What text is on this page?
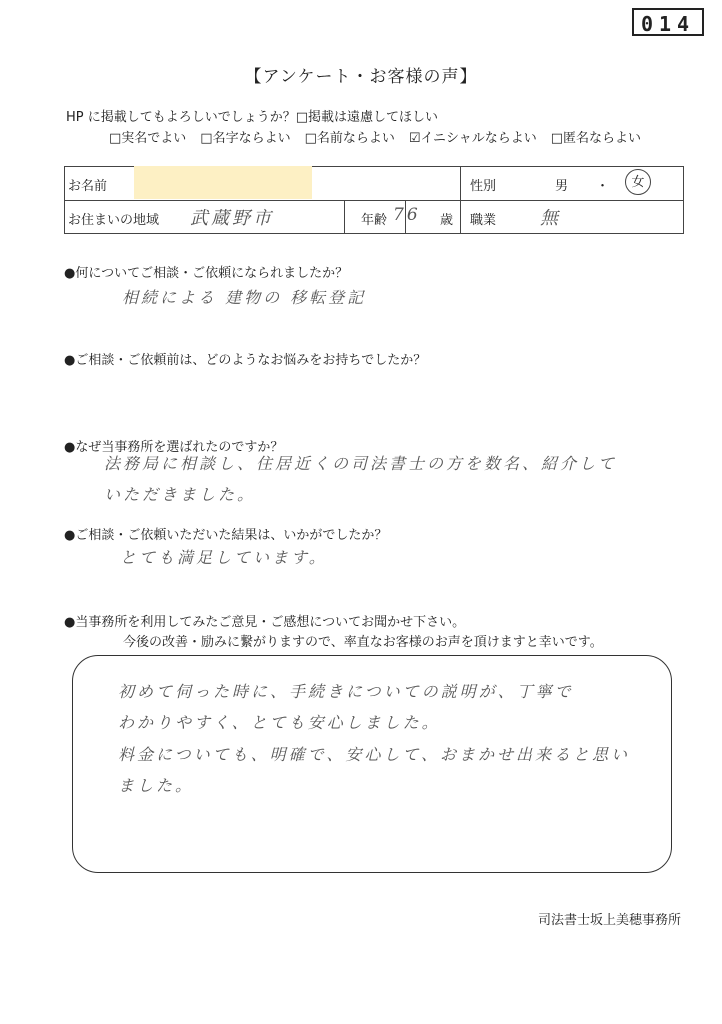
014
【アンケート・お客様の声】
HP に掲載してもよろしいでしょうか？□掲載は遠慮してほしい
□実名でよい □名字ならよい □名前ならよい ☑イニシャルならよい □匿名ならよい
お名前	性別	男 ・	女
お住まいの地域 武蔵野市	年齢 76 歳 職業 無
●何についてご相談・ご依頼になられましたか？
相続による 建物の 移転登記
●ご相談・ご依頼前は、どのようなお悩みをお持ちでしたか？
●なぜ当事務所を選ばれたのですか？
法務局に相談し、住居近くの司法書士の方を数名、紹介して
いただきました。
●ご相談・ご依頼いただいた結果は、いかがでしたか？
とても満足しています。
●当事務所を利用してみたご意見・ご感想についてお聞かせ下さい。
今後の改善・励みに繋がりますので、率直なお客様のお声を頂けますと幸いです。
初めて伺った時に、手続きについての説明が、丁寧で
わかりやすく、とても安心しました。
料金についても、明確で、安心して、おまかせ出来ると思い
ました。
司法書士坂上美穂事務所
